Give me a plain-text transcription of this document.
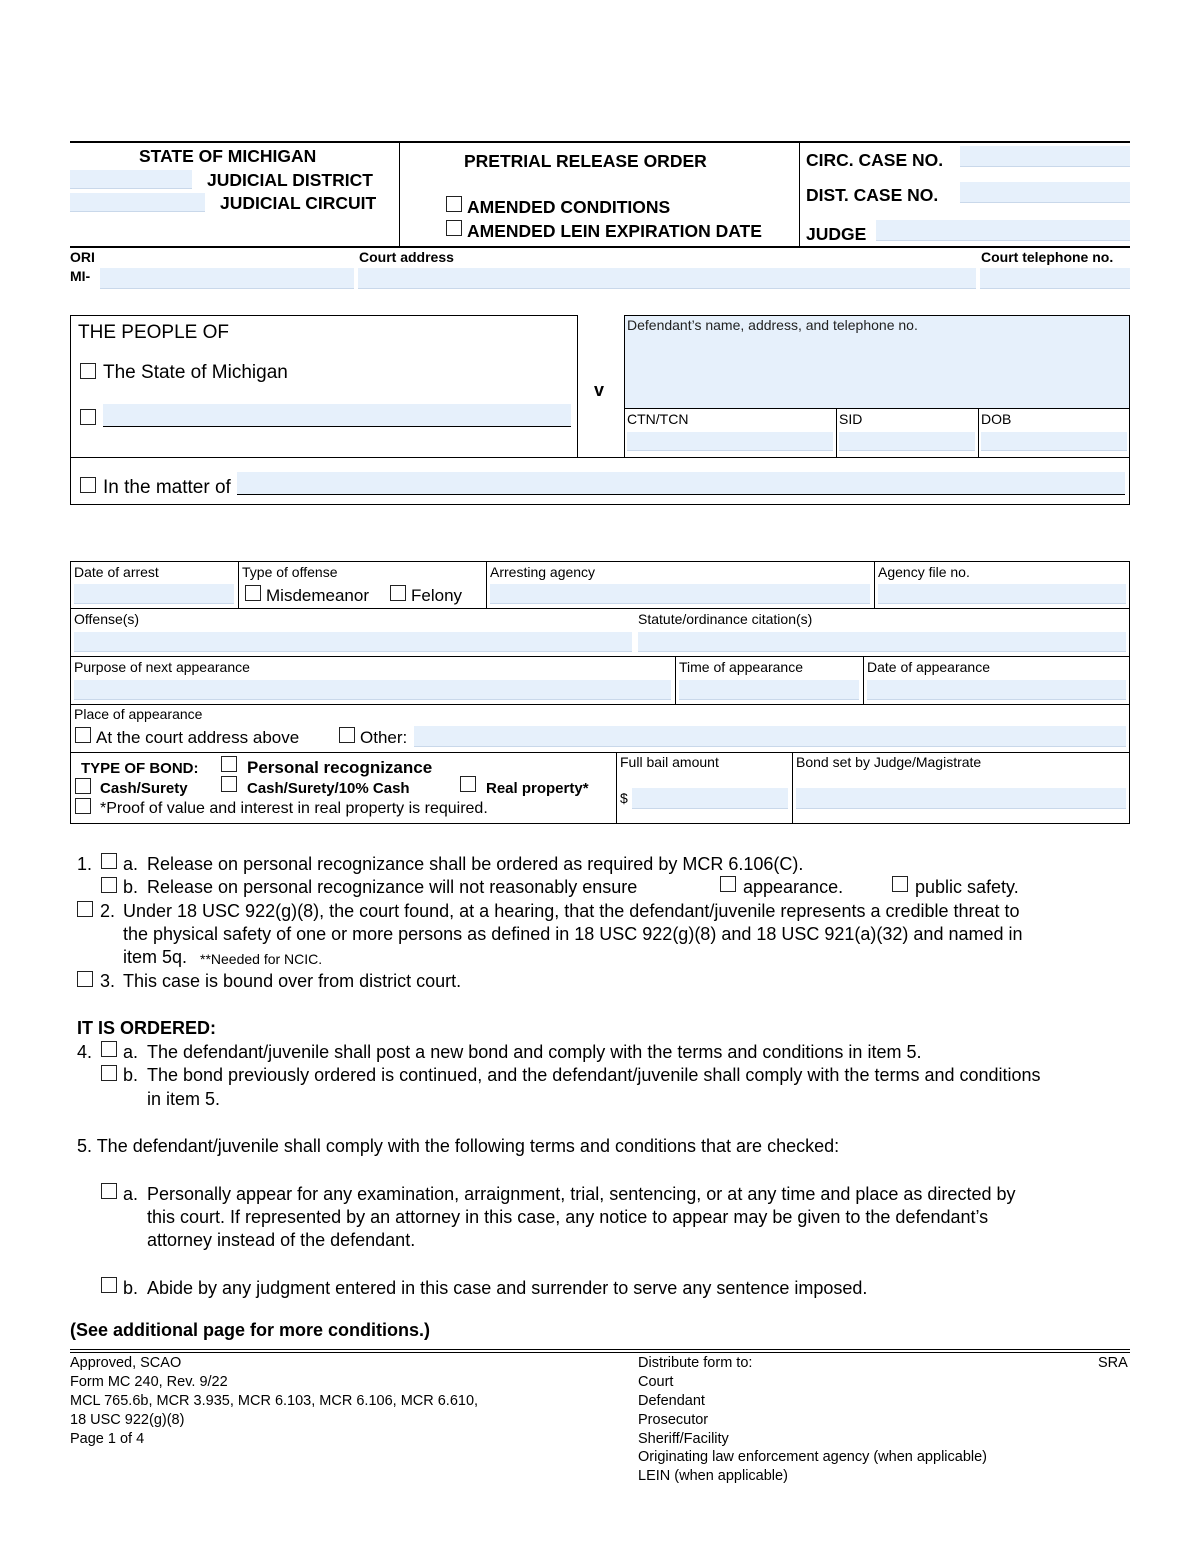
STATE OF MICHIGAN
JUDICIAL DISTRICT
JUDICIAL CIRCUIT
PRETRIAL RELEASE ORDER
AMENDED CONDITIONS
AMENDED LEIN EXPIRATION DATE
CIRC. CASE NO.
DIST. CASE NO.
JUDGE
ORI
MI-
Court address	Court telephone no.
THE PEOPLE OF
The State of Michigan
v
Defendant’s name, address, and telephone no.
CTN/TCN	SID	DOB
In the matter of
Date of arrest	Type of offense
Misdemeanor Felony
Arresting agency	Agency file no.
Offense(s)	Statute/ordinance citation(s)
Purpose of next appearance	Time of appearance	Date of appearance
Place of appearance
At the court address above	Other:
TYPE OF BOND:	Personal recognizance
Cash/Surety	Cash/Surety/10% Cash	Real property*
*Proof of value and interest in real property is required.
Full bail amount
$
Bond set by Judge/Magistrate
1. a. Release on personal recognizance shall be ordered as required by MCR 6.106(C).
b. Release on personal recognizance will not reasonably ensure	appearance.	public safety.
2. Under 18 USC 922(g)(8), the court found, at a hearing, that the defendant/juvenile represents a credible threat to
the physical safety of one or more persons as defined in 18 USC 922(g)(8) and 18 USC 921(a)(32) and named in
item 5q. **Needed for NCIC.
3. This case is bound over from district court.
IT IS ORDERED:
4. a. The defendant/juvenile shall post a new bond and comply with the terms and conditions in item 5.
b. The bond previously ordered is continued, and the defendant/juvenile shall comply with the terms and conditions
in item 5.
5. The defendant/juvenile shall comply with the following terms and conditions that are checked:
a. Personally appear for any examination, arraignment, trial, sentencing, or at any time and place as directed by
this court. If represented by an attorney in this case, any notice to appear may be given to the defendant’s
attorney instead of the defendant.
b. Abide by any judgment entered in this case and surrender to serve any sentence imposed.
(See additional page for more conditions.)
Approved, SCAO
Form MC 240, Rev. 9/22
MCL 765.6b, MCR 3.935, MCR 6.103, MCR 6.106, MCR 6.610,
18 USC 922(g)(8)
Page 1 of 4
Distribute form to:
Court
Defendant
Prosecutor
Sheriff/Facility
Originating law enforcement agency (when applicable)
LEIN (when applicable)
SRA
